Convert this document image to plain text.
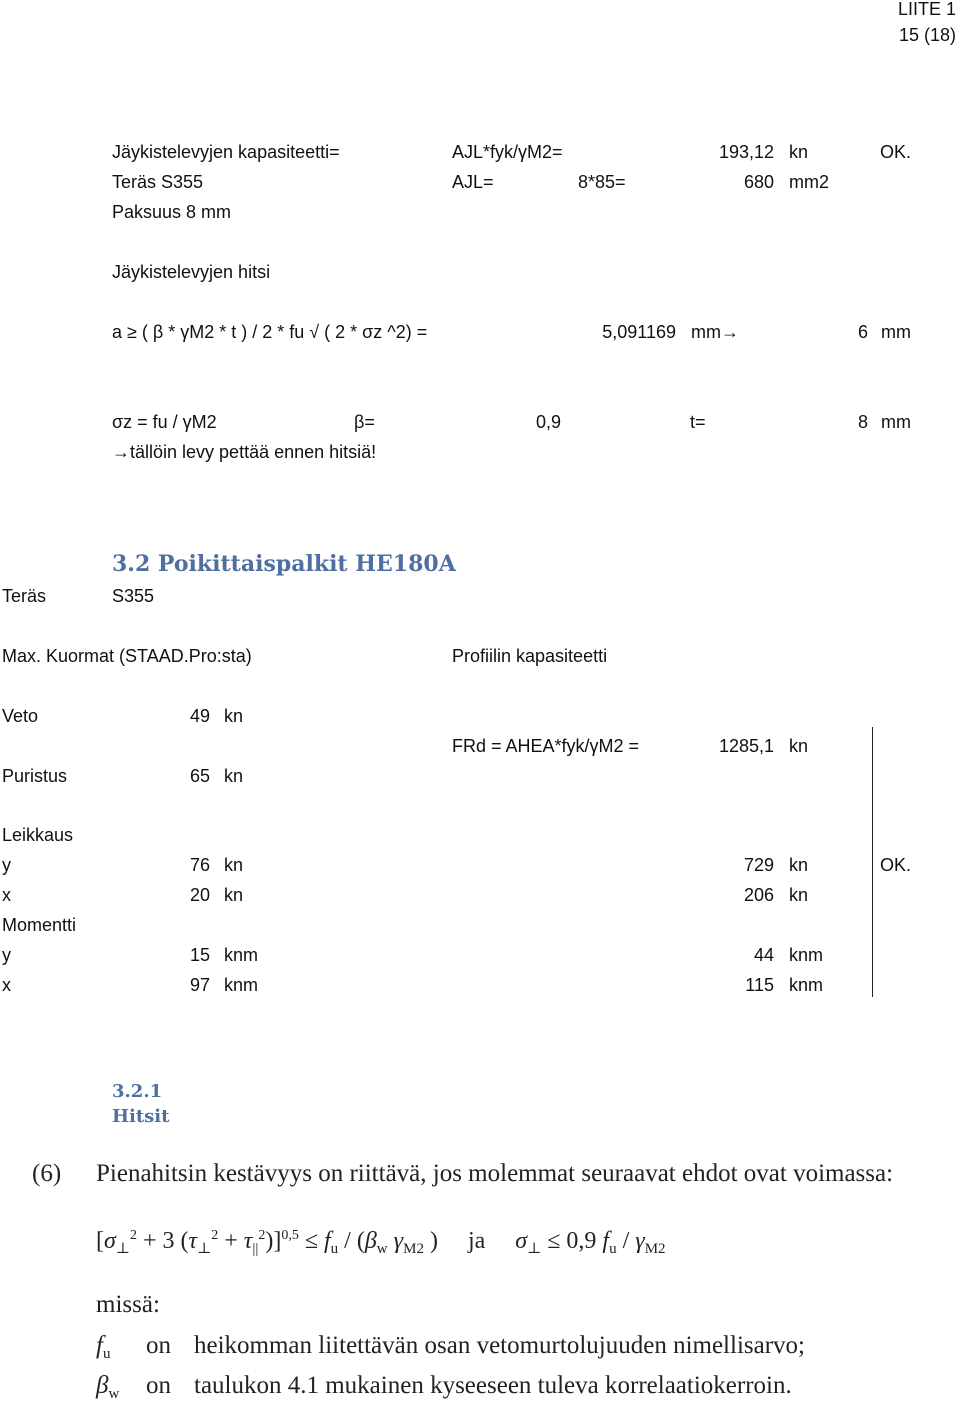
LIITE 1
15 (18)
Jäykistelevyjen kapasiteetti=	AJL*fyk/γM2=	193,12 kn	OK.
Teräs S355	AJL=	8*85=	680 mm2
Paksuus 8 mm
Jäykistelevyjen hitsi
a ≥ ( β * γM2 * t ) / 2 * fu √ ( 2 * σz ^2) =	5,091169 mm→	6 mm
σz = fu / γM2	β=	0,9	t=	8 mm
→tällöin levy pettää ennen hitsiä!
3.2 Poikittaispalkit HE180A
Teräs	S355
Max. Kuormat (STAAD.Pro:sta)	Profiilin kapasiteetti
Veto	49 kn
FRd = AHEA*fyk/γM2 =	1285,1 kn
Puristus	65 kn
Leikkaus
y	76 kn	729 kn	OK.
x	20 kn	206 kn
Momentti
y	15 knm	44 knm
x	97 knm	115 knm
3.2.1
Hitsit
(6) Pienahitsin kestävyys on riittävä, jos molemmat seuraavat ehdot ovat voimassa:
[$\sigma_\perp^2 + 3$ $(\tau_\perp^2 + \tau_{||}^2)]^{0,5} \le f_u / (\beta_w$ $\gamma_{M2}$ )     ja     $\sigma_\perp \le 0,9$ $f_u / \gamma_{M2}$
missä:
$f_u$ on heikomman liitettävän osan vetomurtolujuuden nimellisarvo;
$\beta_w$ on taulukon 4.1 mukainen kyseeseen tuleva korrelaatiokerroin.
